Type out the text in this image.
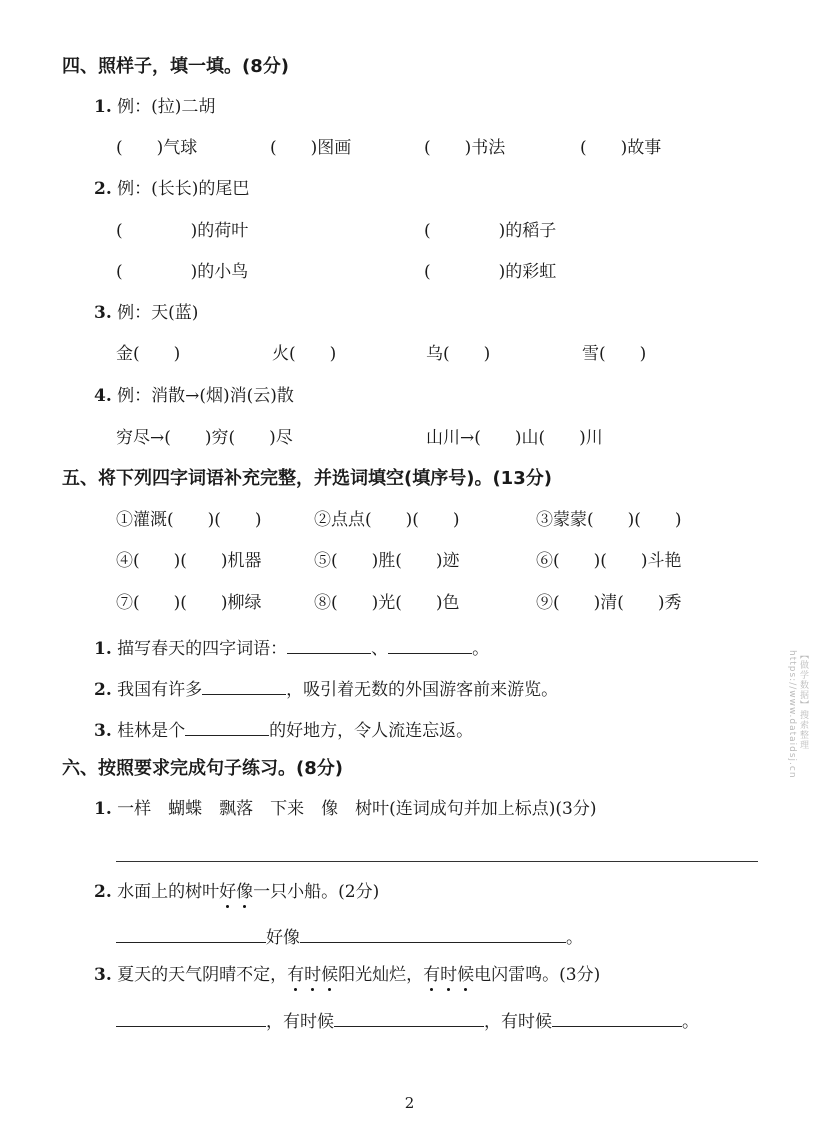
四、照样子，填一填。(8分)
1. 例：(拉)二胡
(　　)气球	(　　)图画	(　　)书法	(　　)故事
2. 例：(长长)的尾巴
(　　　　)的荷叶	(　　　　)的稻子
(　　　　)的小鸟	(　　　　)的彩虹
3. 例：天(蓝)
金(　　)	火(　　)	乌(　　)	雪(　　)
4. 例：消散→(烟)消(云)散
穷尽→(　　)穷(　　)尽	山川→(　　)山(　　)川
五、将下列四字词语补充完整，并选词填空(填序号)。(13分)
①灌溉(　　)(　　)	②点点(　　)(　　)	③蒙蒙(　　)(　　)
④(　　)(　　)机器	⑤(　　)胜(　　)迹	⑥(　　)(　　)斗艳
⑦(　　)(　　)柳绿	⑧(　　)光(　　)色	⑨(　　)清(　　)秀
1. 描写春天的四字词语：	、	。
2. 我国有许多	，吸引着无数的外国游客前来游览。
3. 桂林是个	的好地方，令人流连忘返。
六、按照要求完成句子练习。(8分)
1. 一样　蝴蝶　飘落　下来　像　树叶(连词成句并加上标点)(3分)
2. 水面上的树叶好像一只小船。(2分)
好像	。
3. 夏天的天气阴晴不定，有时候阳光灿烂，有时候电闪雷鸣。(3分)
，有时候	，有时候	。
【做学数据】搜索整理 https://www.dataidsj.cn
2
